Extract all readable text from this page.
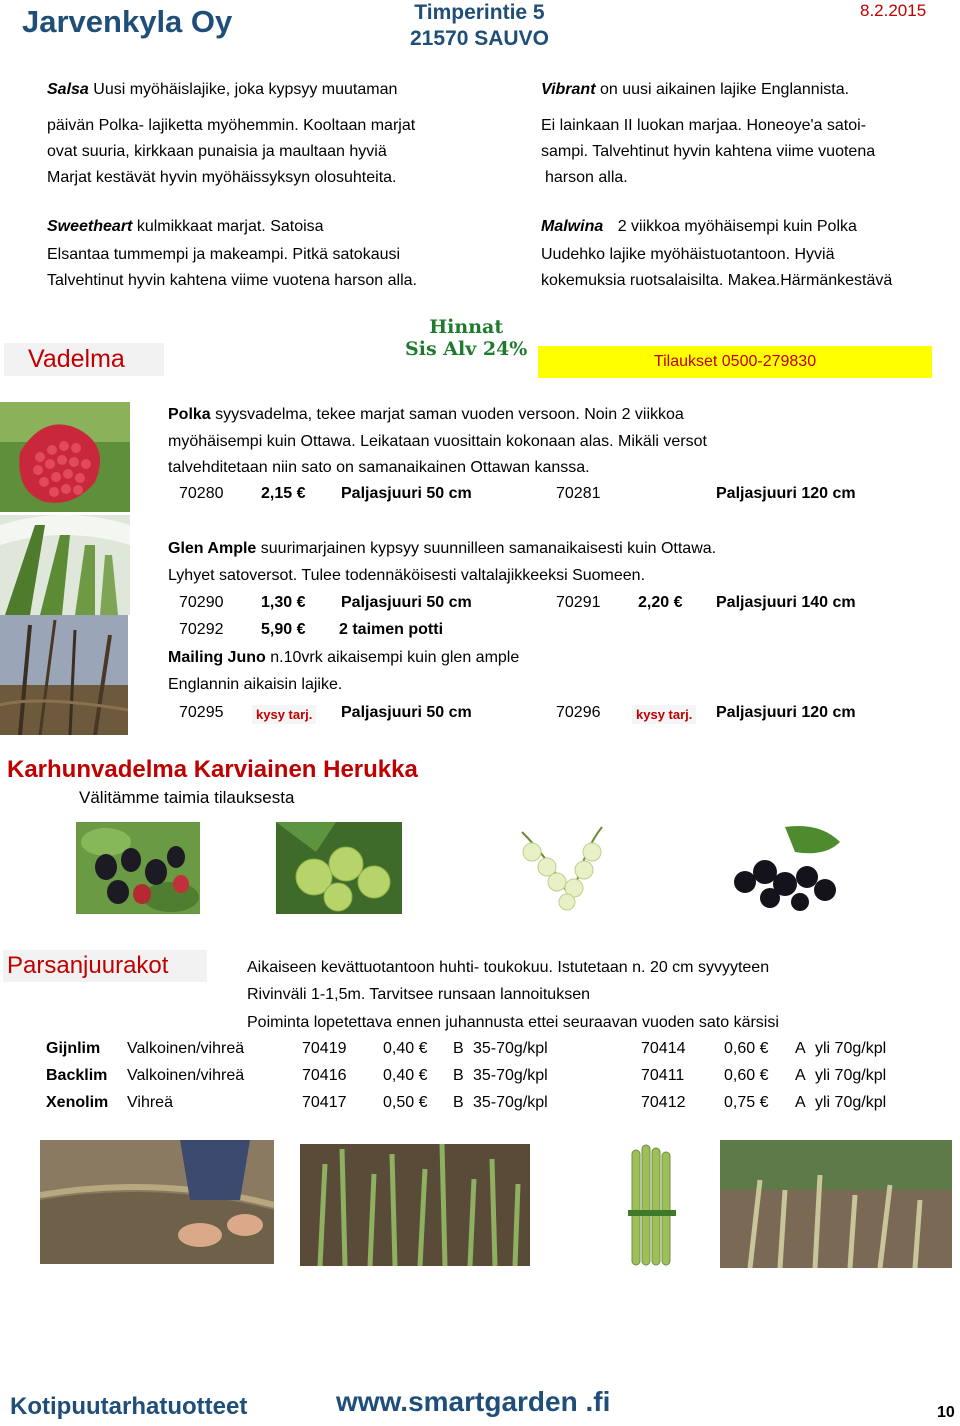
Jarvenkyla Oy	Timperintie 5
21570 SAUVO
8.2.2015
Salsa Uusi myöhäislajike, joka kypsyy muutaman
päivän Polka- lajiketta myöhemmin. Kooltaan marjat
ovat suuria, kirkkaan punaisia ja maultaan hyviä
Marjat kestävät hyvin myöhäissyksyn olosuhteita.
Sweetheart kulmikkaat marjat. Satoisa
Elsantaa tummempi ja makeampi. Pitkä satokausi
Talvehtinut hyvin kahtena viime vuotena harson alla.
Vibrant on uusi aikainen lajike Englannista.
Ei lainkaan II luokan marjaa. Honeoye'a satoi-
sampi. Talvehtinut hyvin kahtena viime vuotena
harson alla.
Malwina 2 viikkoa myöhäisempi kuin Polka
Uudehko lajike myöhäistuotantoon. Hyviä
kokemuksia ruotsalaisilta. Makea.Härmänkestävä
Vadelma
Hinnat
Sis Alv 24%
Tilaukset 0500-279830
Polka syysvadelma, tekee marjat saman vuoden versoon. Noin 2 viikkoa
myöhäisempi kuin Ottawa. Leikataan vuosittain kokonaan alas. Mikäli versot
talvehditetaan niin sato on samanaikainen Ottawan kanssa.
70280 2,15 € Paljasjuuri 50 cm	70281	Paljasjuuri 120 cm
Glen Ample suurimarjainen kypsyy suunnilleen samanaikaisesti kuin Ottawa.
Lyhyet satoversot. Tulee todennäköisesti valtalajikkeeksi Suomeen.
70290 1,30 € Paljasjuuri 50 cm	70291 2,20 € Paljasjuuri 140 cm
70292 5,90 € 2 taimen potti
Mailing Juno n.10vrk aikaisempi kuin glen ample
Englannin aikaisin lajike.
70295	kysy tarj. Paljasjuuri 50 cm	70296	kysy tarj. Paljasjuuri 120 cm
Karhunvadelma Karviainen Herukka
Välitämme taimia tilauksesta
Parsanjuurakot	Aikaiseen kevättuotantoon huhti- toukokuu. Istutetaan n. 20 cm syvyyteen
Rivinväli 1-1,5m. Tarvitsee runsaan lannoituksen
Poiminta lopetettava ennen juhannusta ettei seuraavan vuoden sato kärsisi
Gijnlim Valkoinen/vihreä	70419 0,40 € B 35-70g/kpl	70414 0,60 € A yli 70g/kpl
Backlim Valkoinen/vihreä	70416 0,40 € B 35-70g/kpl	70411 0,60 € A yli 70g/kpl
Xenolim Vihreä	70417 0,50 € B 35-70g/kpl	70412 0,75 € A yli 70g/kpl
Kotipuutarhatuotteet	www.smartgarden .fi	10
